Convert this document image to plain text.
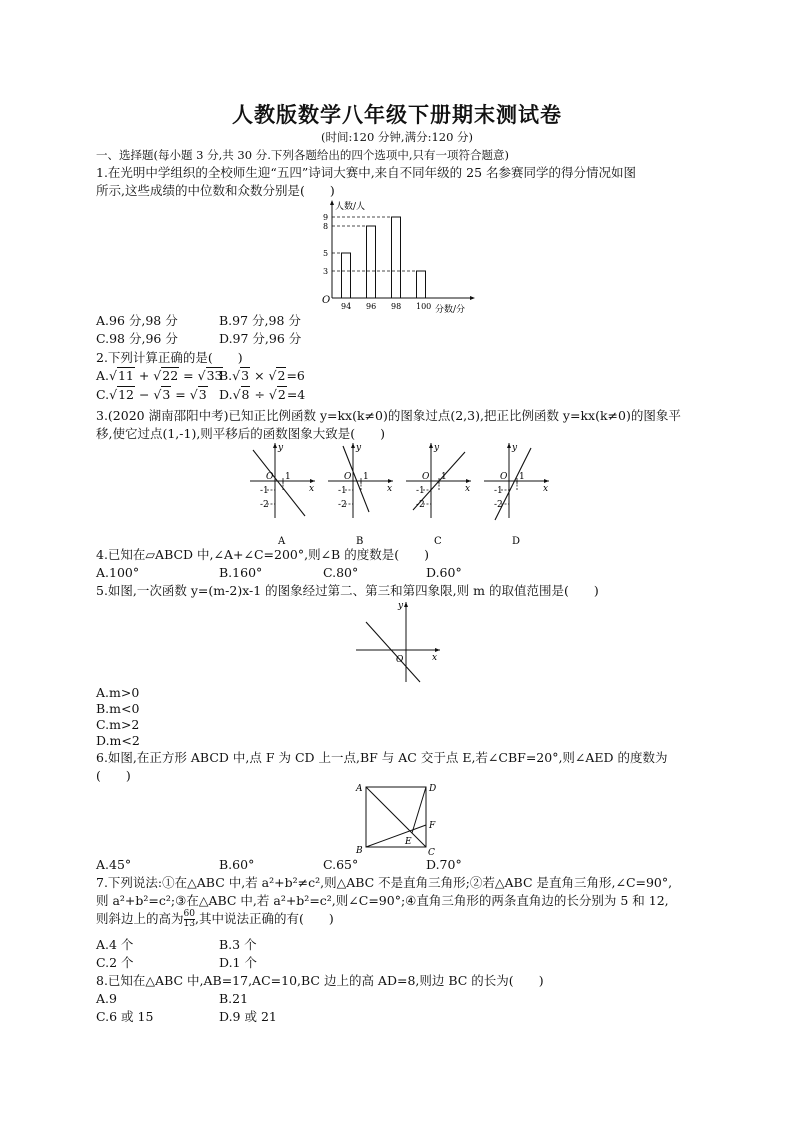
人教版数学八年级下册期末测试卷
(时间:120 分钟,满分:120 分)
一、选择题(每小题 3 分,共 30 分.下列各题给出的四个选项中,只有一项符合题意)
1.在光明中学组织的全校师生迎“五四”诗词大赛中,来自不同年级的 25 名参赛同学的得分情况如图
所示,这些成绩的中位数和众数分别是(　　)
人数/人
分数/分
O
3
5
8
9
94 96 98 100
A.96 分,98 分	B.97 分,98 分
C.98 分,96 分	D.97 分,96 分
2.下列计算正确的是(　　)
A.√11 + √22 = √33
B.√3 × √2=6
C.√12 − √3 = √3 D.√8 ÷ √2=4
3.(2020 湖南邵阳中考)已知正比例函数 y=kx(k≠0)的图象过点(2,3),把正比例函数 y=kx(k≠0)的图象平
移,使它过点(1,-1),则平移后的函数图象大致是(　　)
y
x
O 1
-1
-2
A
y
x
O 1
-1
-2
B
y
x
O 1
-1
-2
C
y
x
O 1
-1
-2
D
4.已知在▱ABCD 中,∠A+∠C=200°,则∠B 的度数是(　　)
A.100°	B.160°	C.80°	D.60°
5.如图,一次函数 y=(m-2)x-1 的图象经过第二、第三和第四象限,则 m 的取值范围是(　　)
y
x
O
A.m>0
B.m<0
C.m>2
D.m<2
6.如图,在正方形 ABCD 中,点 F 为 CD 上一点,BF 与 AC 交于点 E,若∠CBF=20°,则∠AED 的度数为
(　　)
A	D
F
E
B	C
A.45°	B.60°	C.65°	D.70°
7.下列说法:①在△ABC 中,若 a²+b²≠c²,则△ABC 不是直角三角形;②若△ABC 是直角三角形,∠C=90°,
则 a²+b²=c²;③在△ABC 中,若 a²+b²=c²,则∠C=90°;④直角三角形的两条直角边的长分别为 5 和 12,
则斜边上的高为 $\frac{60}{13}$ ,其中说法正确的有(　　)
A.4 个	B.3 个
C.2 个	D.1 个
8.已知在△ABC 中,AB=17,AC=10,BC 边上的高 AD=8,则边 BC 的长为(　　)
A.9	B.21
C.6 或 15	D.9 或 21
